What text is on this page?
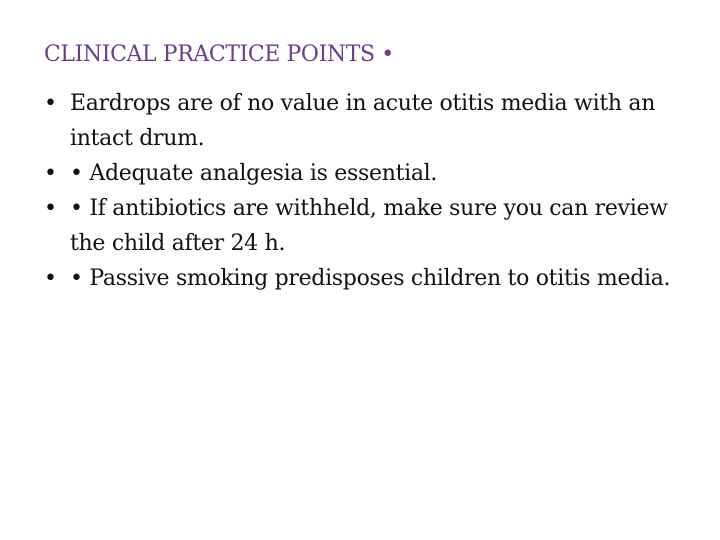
CLINICAL PRACTICE POINTS •
• Eardrops are of no value in acute otitis media with an intact drum.
• • Adequate analgesia is essential.
• • If antibiotics are withheld, make sure you can review the child after 24 h.
• • Passive smoking predisposes children to otitis media.
